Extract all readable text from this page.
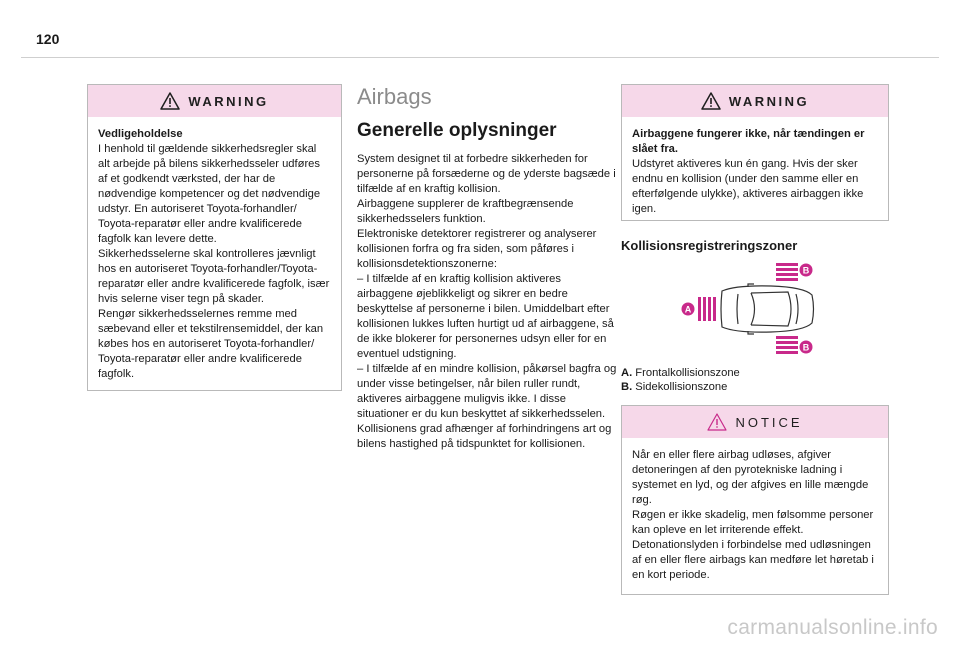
120
WARNING

Vedligeholdelse

I henhold til gældende sikkerhedsregler skal alt arbejde på bilens sikkerhedsseler udføres af et godkendt værksted, der har de nødvendige kompetencer og det nødvendige udstyr. En autoriseret Toyota-forhandler/ Toyota-reparatør eller andre kvalificerede fagfolk kan levere dette.
Sikkerhedsselerne skal kontrolleres jævnligt hos en autoriseret Toyota-forhandler/Toyota-reparatør eller andre kvalificerede fagfolk, især hvis selerne viser tegn på skader.
Rengør sikkerhedsselernes remme med sæbevand eller et tekstilrensemiddel, der kan købes hos en autoriseret Toyota-forhandler/ Toyota-reparatør eller andre kvalificerede fagfolk.

Airbags
Generelle oplysninger

System designet til at forbedre sikkerheden for personerne på forsæderne og de yderste bagsæde i tilfælde af en kraftig kollision.
Airbaggene supplerer de kraftbegrænsende sikkerhedsselers funktion.
Elektroniske detektorer registrerer og analyserer kollisionen forfra og fra siden, som påføres i kollisionsdetektionszonerne:
– I tilfælde af en kraftig kollision aktiveres airbaggene øjeblikkeligt og sikrer en bedre beskyttelse af personerne i bilen. Umiddelbart efter kollisionen lukkes luften hurtigt ud af airbaggene, så de ikke blokerer for personernes udsyn eller for en eventuel udstigning.
– I tilfælde af en mindre kollision, påkørsel bagfra og under visse betingelser, når bilen ruller rundt, aktiveres airbaggene muligvis ikke. I disse situationer er du kun beskyttet af sikkerhedsselen.
Kollisionens grad afhænger af forhindringens art og bilens hastighed på tidspunktet for kollisionen.

WARNING

Airbaggene fungerer ikke, når tændingen er slået fra.

Udstyret aktiveres kun én gang. Hvis der sker endnu en kollision (under den samme eller en efterfølgende ulykke), aktiveres airbaggen ikke igen.

Kollisionsregistreringszoner
B
B
A
A. Frontalkollisionszone
B. Sidekollisionszone
NOTICE

Når en eller flere airbag udløses, afgiver detoneringen af den pyrotekniske ladning i systemet en lyd, og der afgives en lille mængde røg.
Røgen er ikke skadelig, men følsomme personer kan opleve en let irriterende effekt.
Detonationslyden i forbindelse med udløsningen af en eller flere airbags kan medføre let høretab i en kort periode.

carmanualsonline.info
